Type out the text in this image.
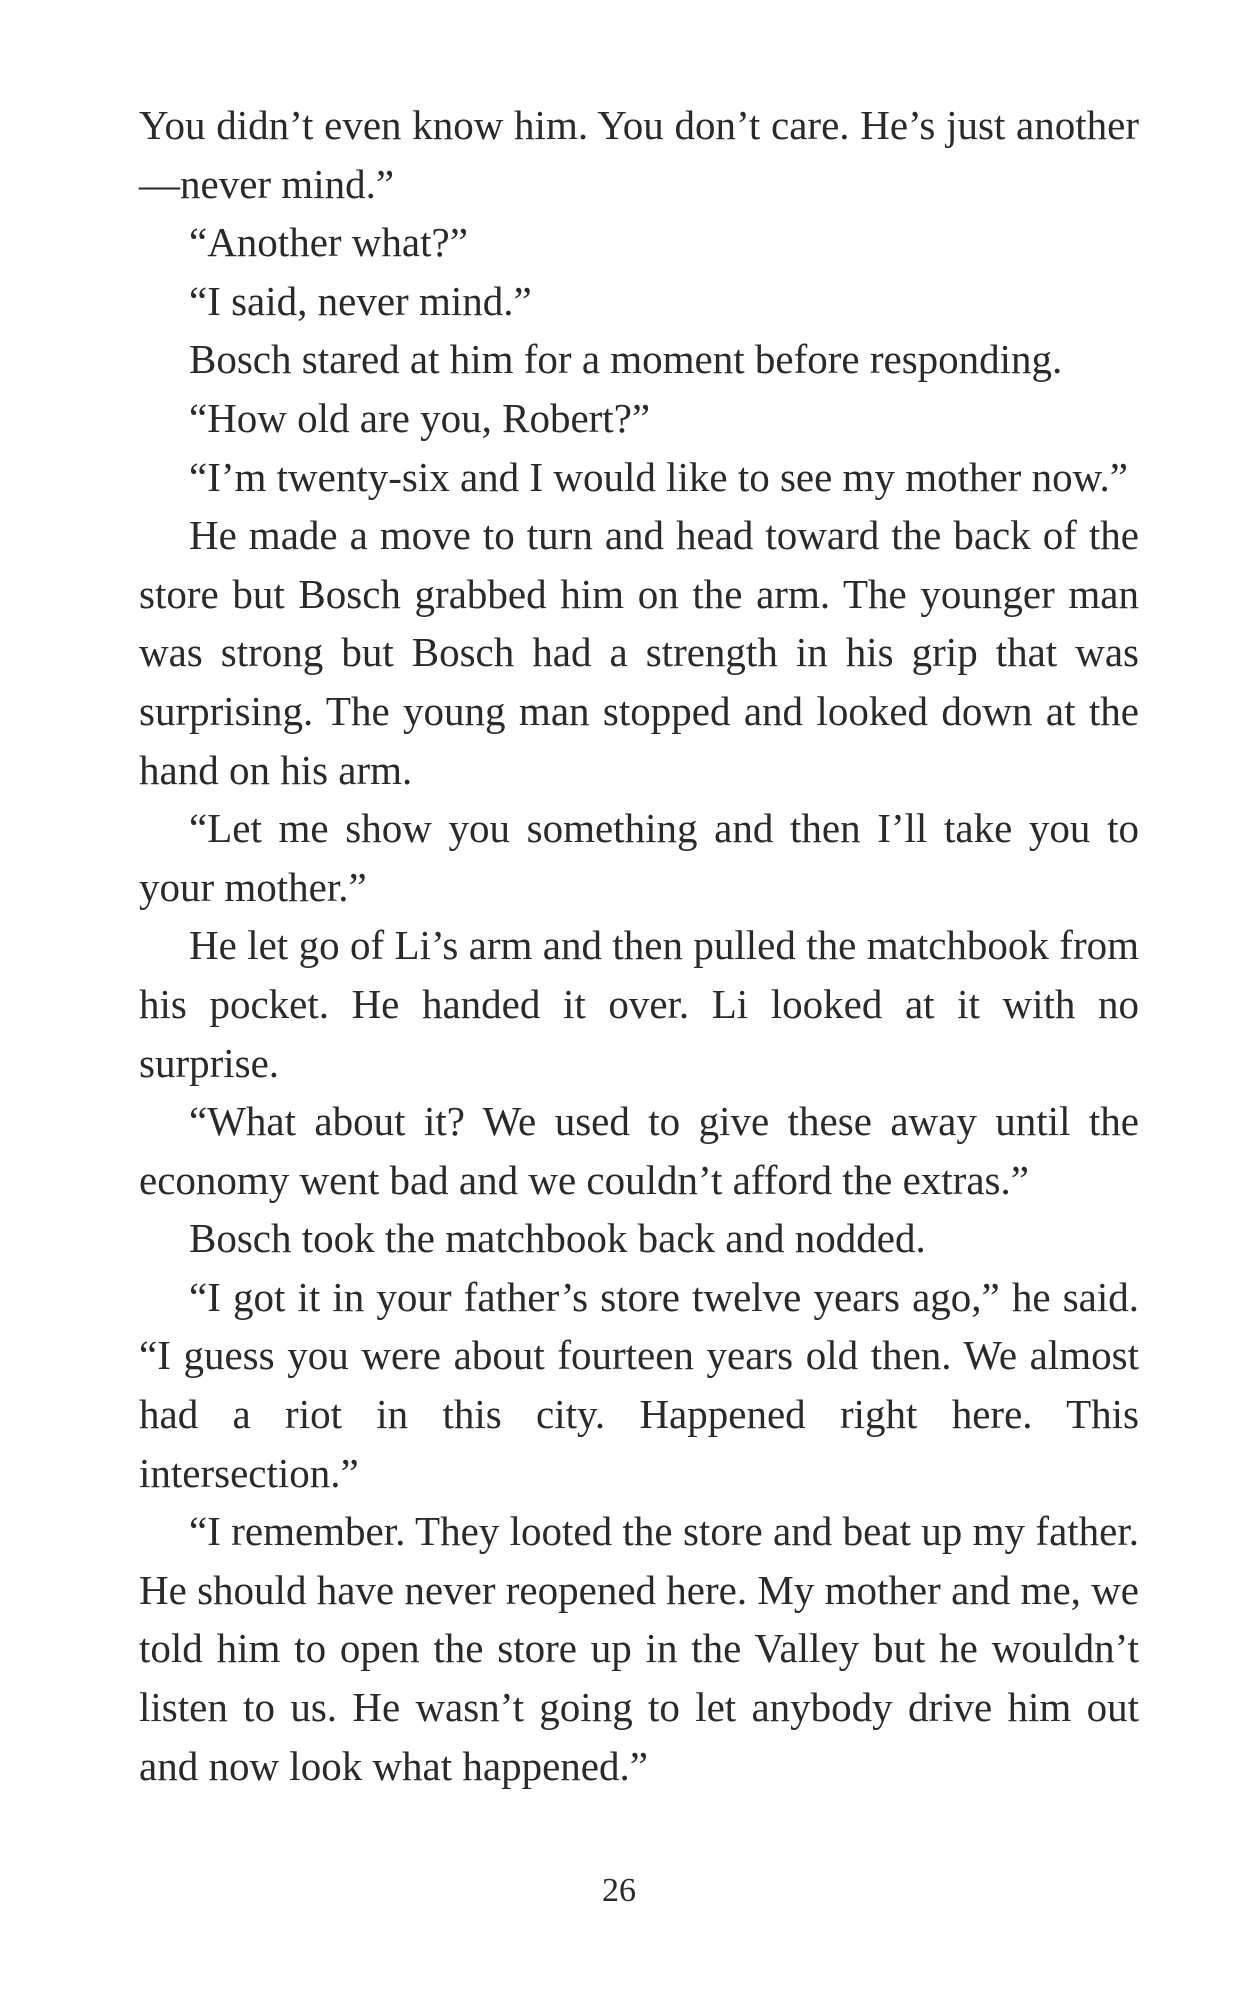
You didn’t even know him. You don’t care. He’s just another—never mind.”

“Another what?”

“I said, never mind.”

Bosch stared at him for a moment before responding.

“How old are you, Robert?”

“I’m twenty-six and I would like to see my mother now.”

He made a move to turn and head toward the back of the store but Bosch grabbed him on the arm. The younger man was strong but Bosch had a strength in his grip that was surprising. The young man stopped and looked down at the hand on his arm.

“Let me show you something and then I’ll take you to your mother.”

He let go of Li’s arm and then pulled the matchbook from his pocket. He handed it over. Li looked at it with no surprise.

“What about it? We used to give these away until the economy went bad and we couldn’t afford the extras.”

Bosch took the matchbook back and nodded.

“I got it in your father’s store twelve years ago,” he said. “I guess you were about fourteen years old then. We almost had a riot in this city. Happened right here. This intersection.”

“I remember. They looted the store and beat up my father. He should have never reopened here. My mother and me, we told him to open the store up in the Valley but he wouldn’t listen to us. He wasn’t going to let anybody drive him out and now look what happened.”

26
